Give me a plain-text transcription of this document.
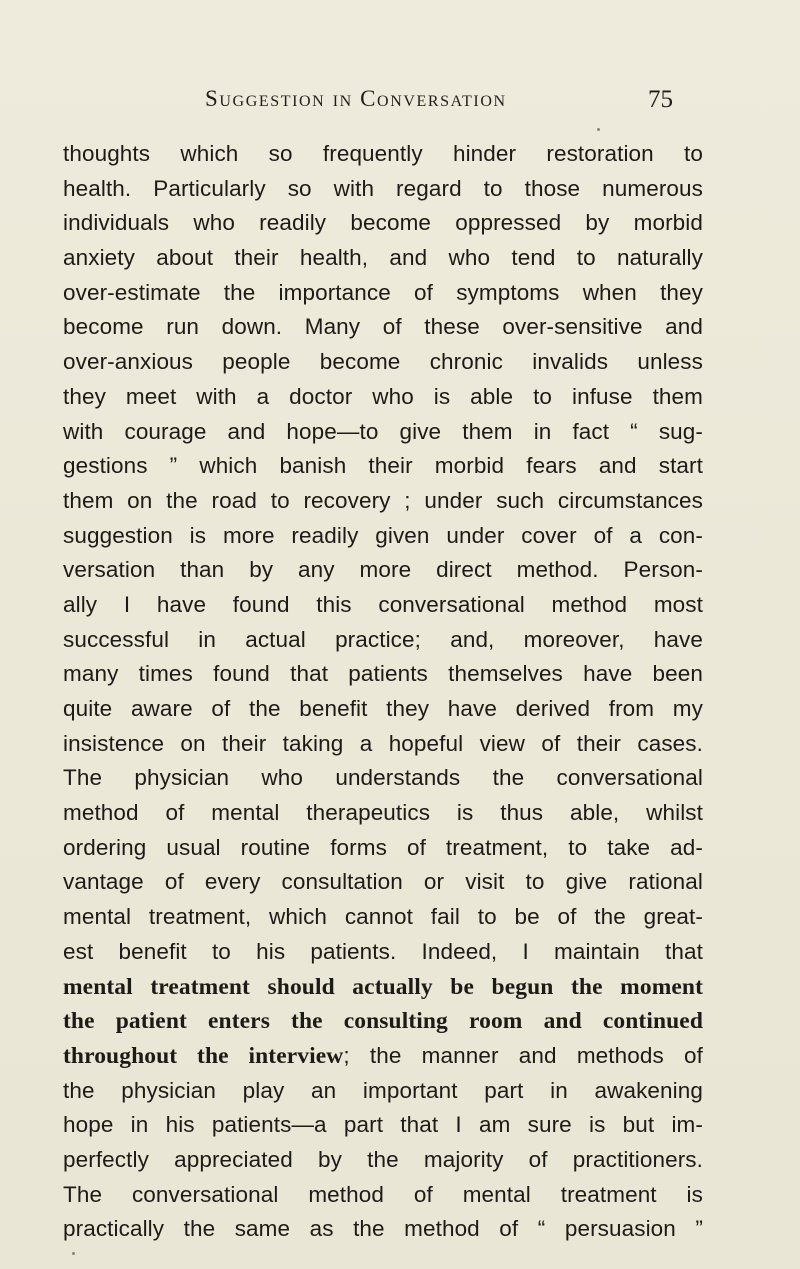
Suggestion in Conversation	75
thoughts which so frequently hinder restoration to
health. Particularly so with regard to those numerous
individuals who readily become oppressed by morbid
anxiety about their health, and who tend to naturally
over-estimate the importance of symptoms when they
become run down. Many of these over-sensitive and
over-anxious people become chronic invalids unless
they meet with a doctor who is able to infuse them
with courage and hope—to give them in fact “ sug-
gestions ” which banish their morbid fears and start
them on the road to recovery ; under such circumstances
suggestion is more readily given under cover of a con-
versation than by any more direct method. Person-
ally I have found this conversational method most
successful in actual practice; and, moreover, have
many times found that patients themselves have been
quite aware of the benefit they have derived from my
insistence on their taking a hopeful view of their cases.
The physician who understands the conversational
method of mental therapeutics is thus able, whilst
ordering usual routine forms of treatment, to take ad-
vantage of every consultation or visit to give rational
mental treatment, which cannot fail to be of the great-
est benefit to his patients. Indeed, I maintain that
mental treatment should actually be begun the moment
the patient enters the consulting room and continued
throughout the interview; the manner and methods of
the physician play an important part in awakening
hope in his patients—a part that I am sure is but im-
perfectly appreciated by the majority of practitioners.
The conversational method of mental treatment is
practically the same as the method of “ persuasion ”
